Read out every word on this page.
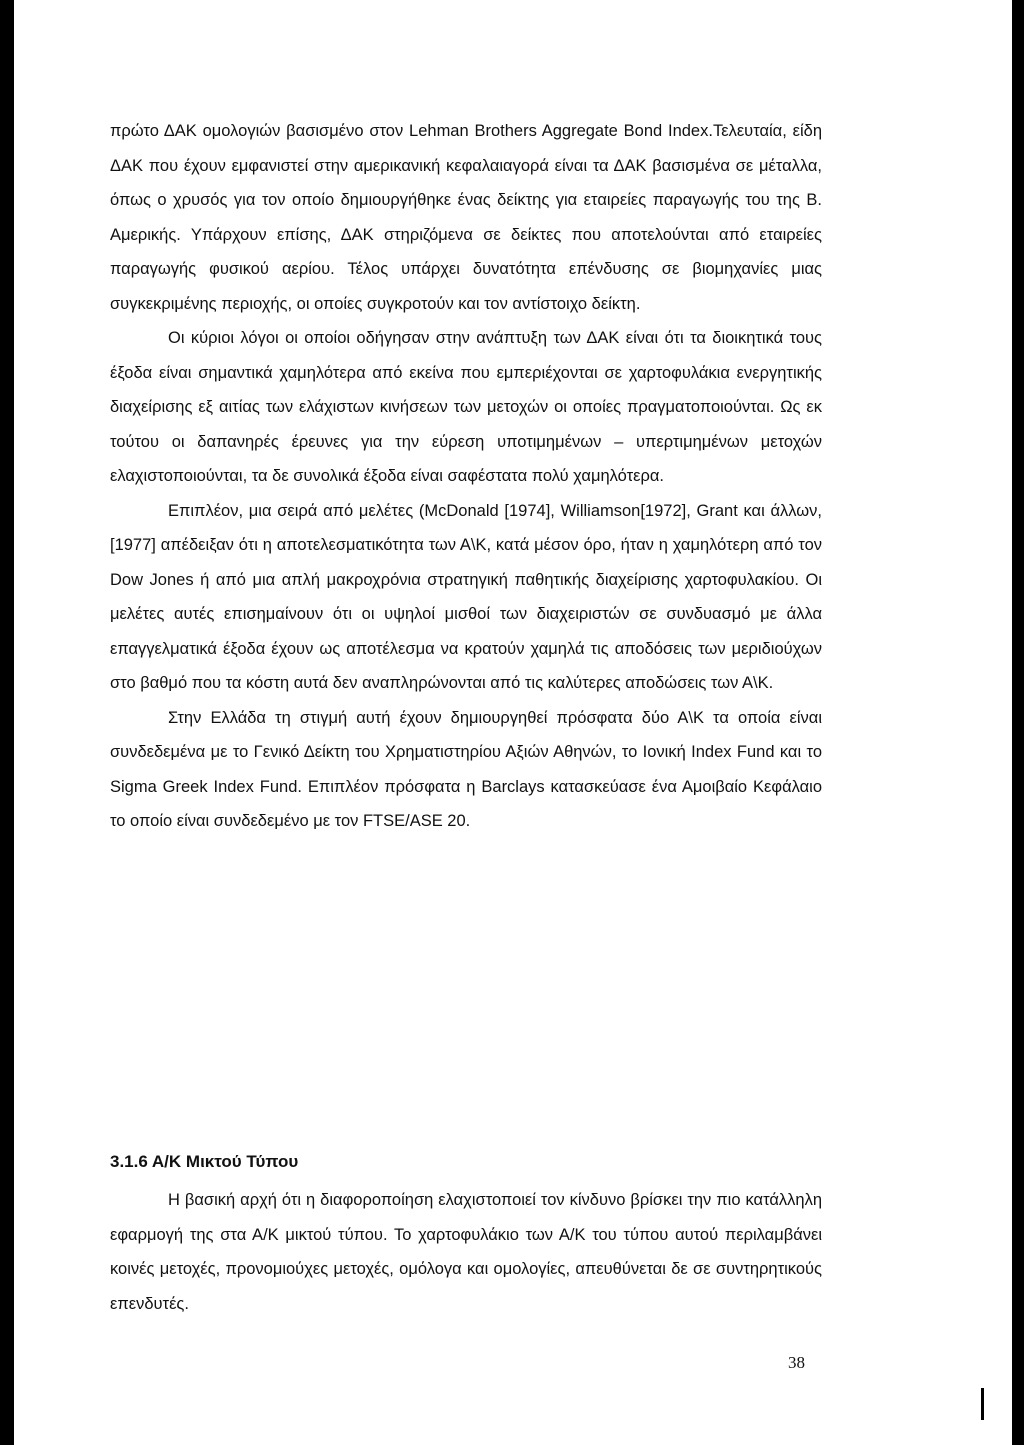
πρώτο ΔΑΚ ομολογιών βασισμένο στον Lehman Brothers Aggregate Bond Index.Τελευταία, είδη ΔΑΚ που έχουν εμφανιστεί στην αμερικανική κεφαλαιαγορά είναι τα ΔΑΚ βασισμένα σε μέταλλα, όπως ο χρυσός για τον οποίο δημιουργήθηκε ένας δείκτης για εταιρείες παραγωγής του της Β. Αμερικής. Υπάρχουν επίσης, ΔΑΚ στηριζόμενα σε δείκτες που αποτελούνται από εταιρείες παραγωγής φυσικού αερίου. Τέλος υπάρχει δυνατότητα επένδυσης σε βιομηχανίες μιας συγκεκριμένης περιοχής, οι οποίες συγκροτούν και τον αντίστοιχο δείκτη.

Οι κύριοι λόγοι οι οποίοι οδήγησαν στην ανάπτυξη των ΔΑΚ είναι ότι τα διοικητικά τους έξοδα είναι σημαντικά χαμηλότερα από εκείνα που εμπεριέχονται σε χαρτοφυλάκια ενεργητικής διαχείρισης εξ αιτίας των ελάχιστων κινήσεων των μετοχών οι οποίες πραγματοποιούνται. Ως εκ τούτου οι δαπανηρές έρευνες για την εύρεση υποτιμημένων – υπερτιμημένων μετοχών ελαχιστοποιούνται, τα δε συνολικά έξοδα είναι σαφέστατα πολύ χαμηλότερα.

Επιπλέον, μια σειρά από μελέτες (McDonald [1974], Williamson[1972], Grant και άλλων, [1977] απέδειξαν ότι η αποτελεσματικότητα των Α\Κ, κατά μέσον όρο, ήταν η χαμηλότερη από τον Dow Jones ή από μια απλή μακροχρόνια στρατηγική παθητικής διαχείρισης χαρτοφυλακίου. Οι μελέτες αυτές επισημαίνουν ότι οι υψηλοί μισθοί των διαχειριστών σε συνδυασμό με άλλα επαγγελματικά έξοδα έχουν ως αποτέλεσμα να κρατούν χαμηλά τις αποδόσεις των μεριδιούχων στο βαθμό που τα κόστη αυτά δεν αναπληρώνονται από τις καλύτερες αποδώσεις των Α\Κ.

Στην Ελλάδα τη στιγμή αυτή έχουν δημιουργηθεί πρόσφατα δύο Α\Κ τα οποία είναι συνδεδεμένα με το Γενικό Δείκτη του Χρηματιστηρίου Αξιών Αθηνών, το Ιονική Index Fund και το Sigma Greek Index Fund. Επιπλέον πρόσφατα η Barclays κατασκεύασε ένα Αμοιβαίο Κεφάλαιο το οποίο είναι συνδεδεμένο με τον FTSE/ASE 20.

3.1.6 Α/Κ Μικτού Τύπου

Η βασική αρχή ότι η διαφοροποίηση ελαχιστοποιεί τον κίνδυνο βρίσκει την πιο κατάλληλη εφαρμογή της στα Α/Κ μικτού τύπου. Το χαρτοφυλάκιο των Α/Κ του τύπου αυτού περιλαμβάνει κοινές μετοχές, προνομιούχες μετοχές, ομόλογα και ομολογίες, απευθύνεται δε σε συντηρητικούς επενδυτές.

38
